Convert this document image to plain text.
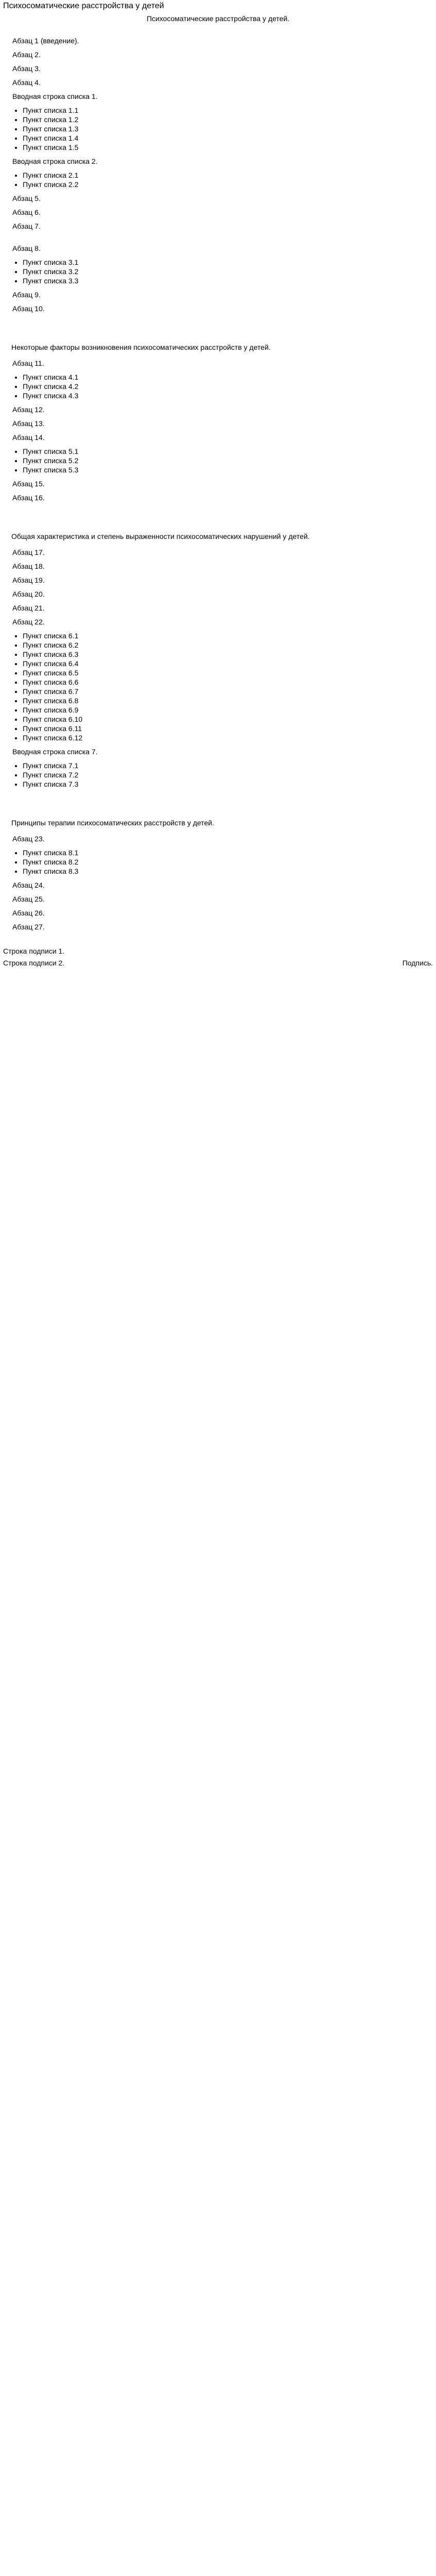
Психосоматические расстройства у детей
Психосоматические расстройства у детей.

Абзац 1 (введение).

Абзац 2.

Абзац 3.

Абзац 4.

Вводная строка списка 1.

• Пункт списка 1.1
• Пункт списка 1.2
• Пункт списка 1.3
• Пункт списка 1.4
• Пункт списка 1.5

Вводная строка списка 2.

• Пункт списка 2.1
• Пункт списка 2.2

Абзац 5.

Абзац 6.

Абзац 7.

Абзац 8.

• Пункт списка 3.1
• Пункт списка 3.2
• Пункт списка 3.3

Абзац 9.

Абзац 10.

Некоторые факторы возникновения психосоматических расстройств у детей.

Абзац 11.

• Пункт списка 4.1
• Пункт списка 4.2
• Пункт списка 4.3

Абзац 12.

Абзац 13.

Абзац 14.

• Пункт списка 5.1
• Пункт списка 5.2
• Пункт списка 5.3

Абзац 15.

Абзац 16.

Общая характеристика и степень выраженности психосоматических нарушений у детей.

Абзац 17.

Абзац 18.

Абзац 19.

Абзац 20.

Абзац 21.

Абзац 22.

• Пункт списка 6.1
• Пункт списка 6.2
• Пункт списка 6.3
• Пункт списка 6.4
• Пункт списка 6.5
• Пункт списка 6.6
• Пункт списка 6.7
• Пункт списка 6.8
• Пункт списка 6.9
• Пункт списка 6.10
• Пункт списка 6.11
• Пункт списка 6.12

Вводная строка списка 7.

• Пункт списка 7.1
• Пункт списка 7.2
• Пункт списка 7.3
Принципы терапии психосоматических расстройств у детей.

Абзац 23.

• Пункт списка 8.1
• Пункт списка 8.2
• Пункт списка 8.3

Абзац 24.

Абзац 25.

Абзац 26.

Абзац 27.

Строка подписи 1.

Строка подписи 2.	Подпись.
